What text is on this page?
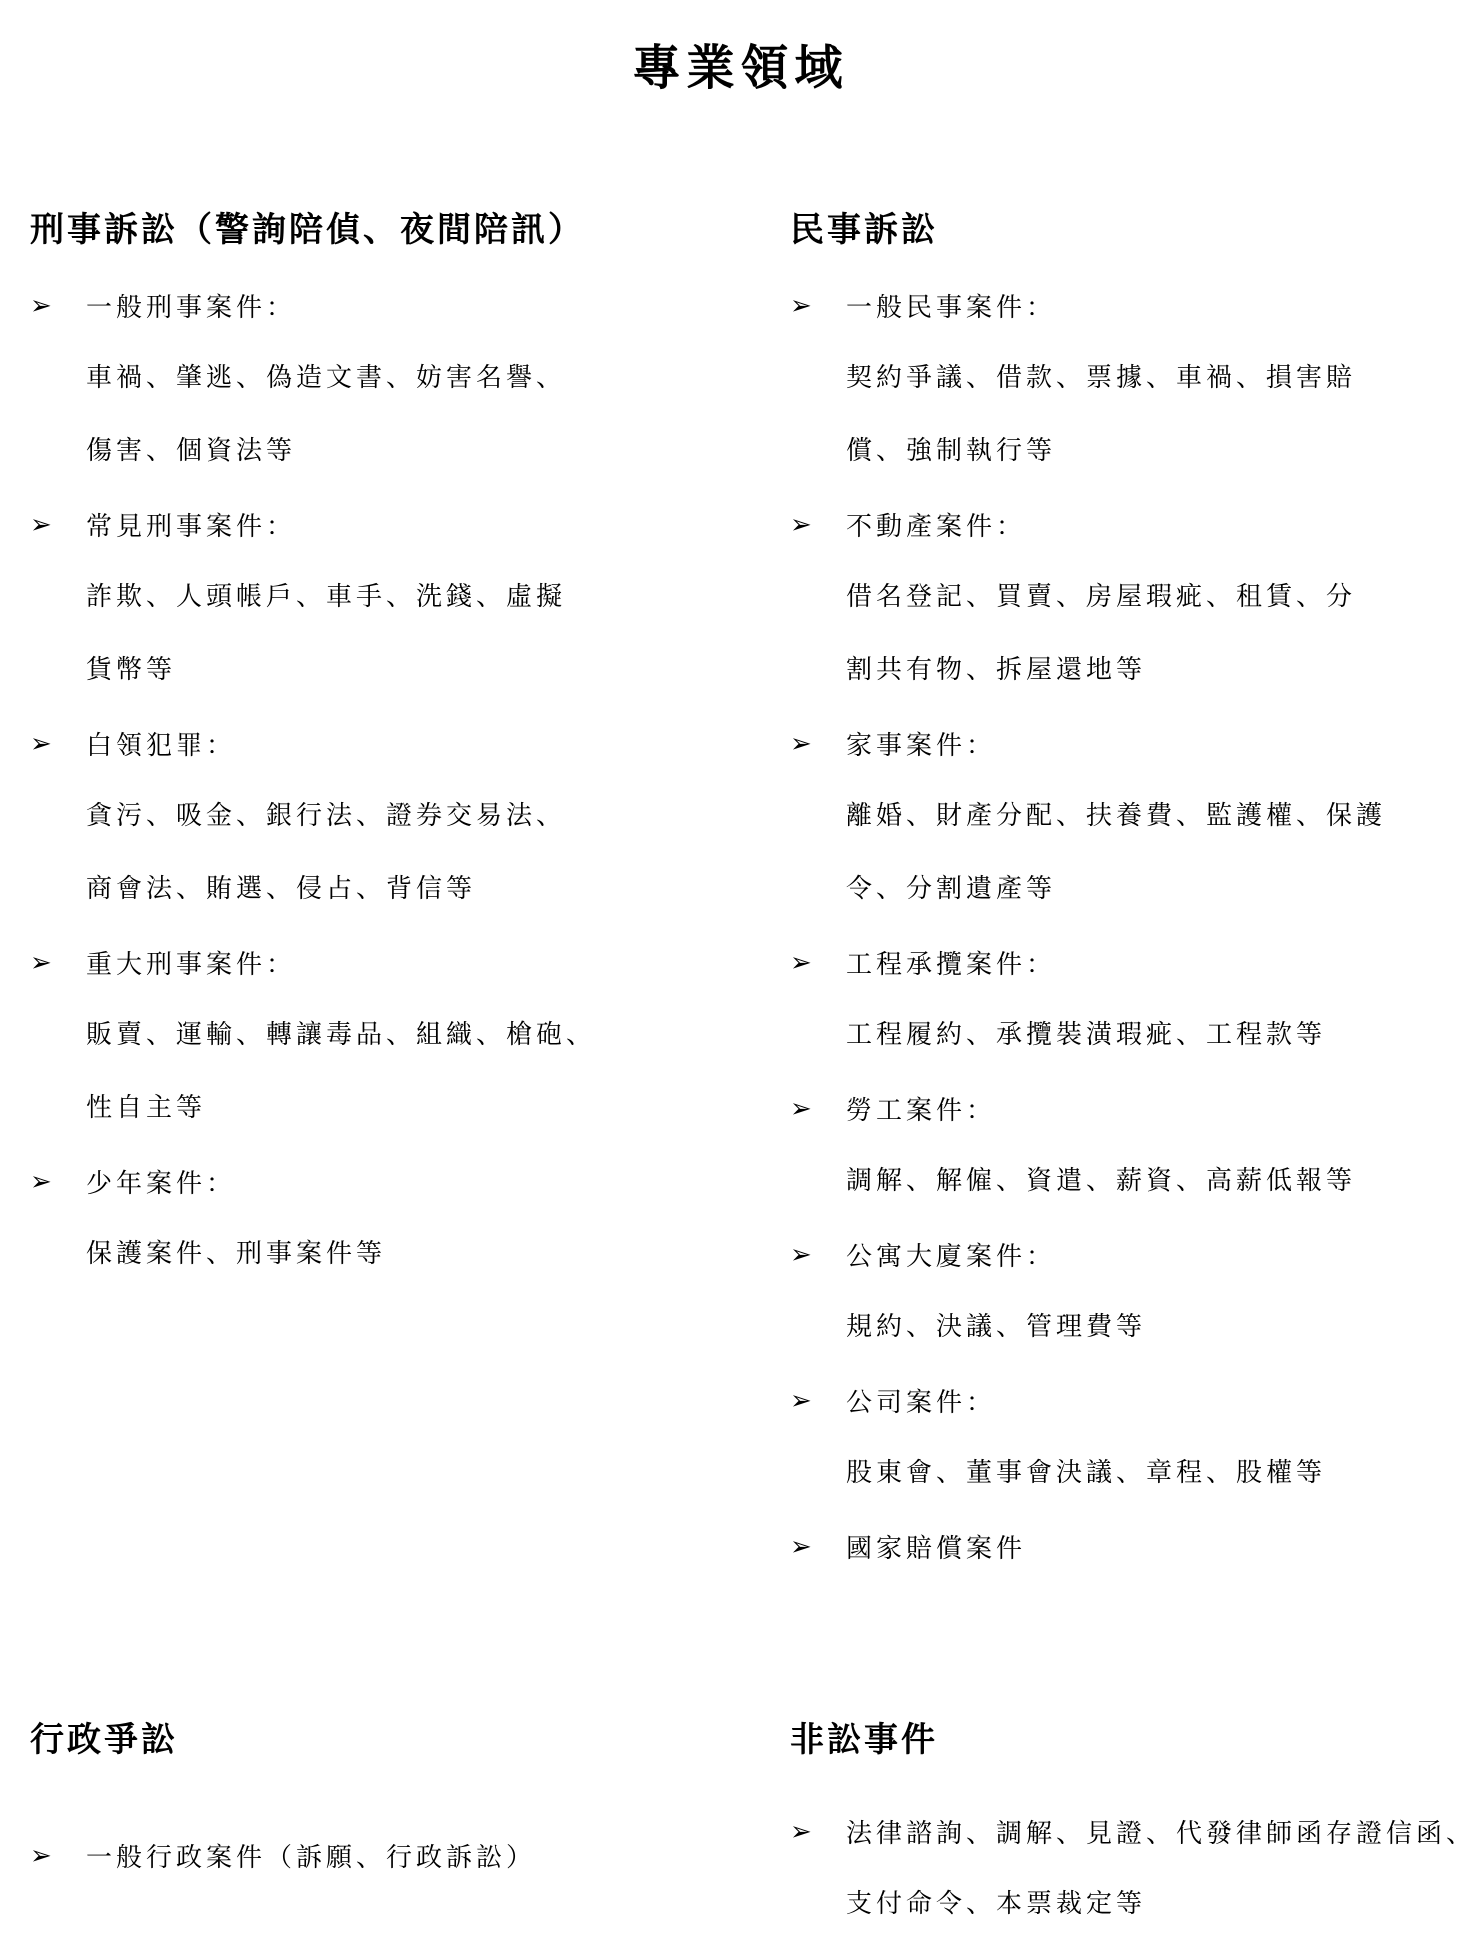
專業領域
刑事訴訟（警詢陪偵、夜間陪訊）
➢	一般刑事案件：
車禍、肇逃、偽造文書、妨害名譽、
傷害、個資法等
➢	常見刑事案件：
詐欺、人頭帳戶、車手、洗錢、虛擬
貨幣等
➢	白領犯罪：
貪污、吸金、銀行法、證券交易法、
商會法、賄選、侵占、背信等
➢	重大刑事案件：
販賣、運輸、轉讓毒品、組織、槍砲、
性自主等
➢	少年案件：
保護案件、刑事案件等
民事訴訟
➢	一般民事案件：
契約爭議、借款、票據、車禍、損害賠
償、強制執行等
➢	不動產案件：
借名登記、買賣、房屋瑕疵、租賃、分
割共有物、拆屋還地等
➢	家事案件：
離婚、財產分配、扶養費、監護權、保護
令、分割遺產等
➢	工程承攬案件：
工程履約、承攬裝潢瑕疵、工程款等
➢	勞工案件：
調解、解僱、資遣、薪資、高薪低報等
➢	公寓大廈案件：
規約、決議、管理費等
➢	公司案件：
股東會、董事會決議、章程、股權等
➢	國家賠償案件
行政爭訟
➢	一般行政案件（訴願、行政訴訟）
非訟事件
➢	法律諮詢、調解、見證、代發律師函存證信函、
支付命令、本票裁定等
